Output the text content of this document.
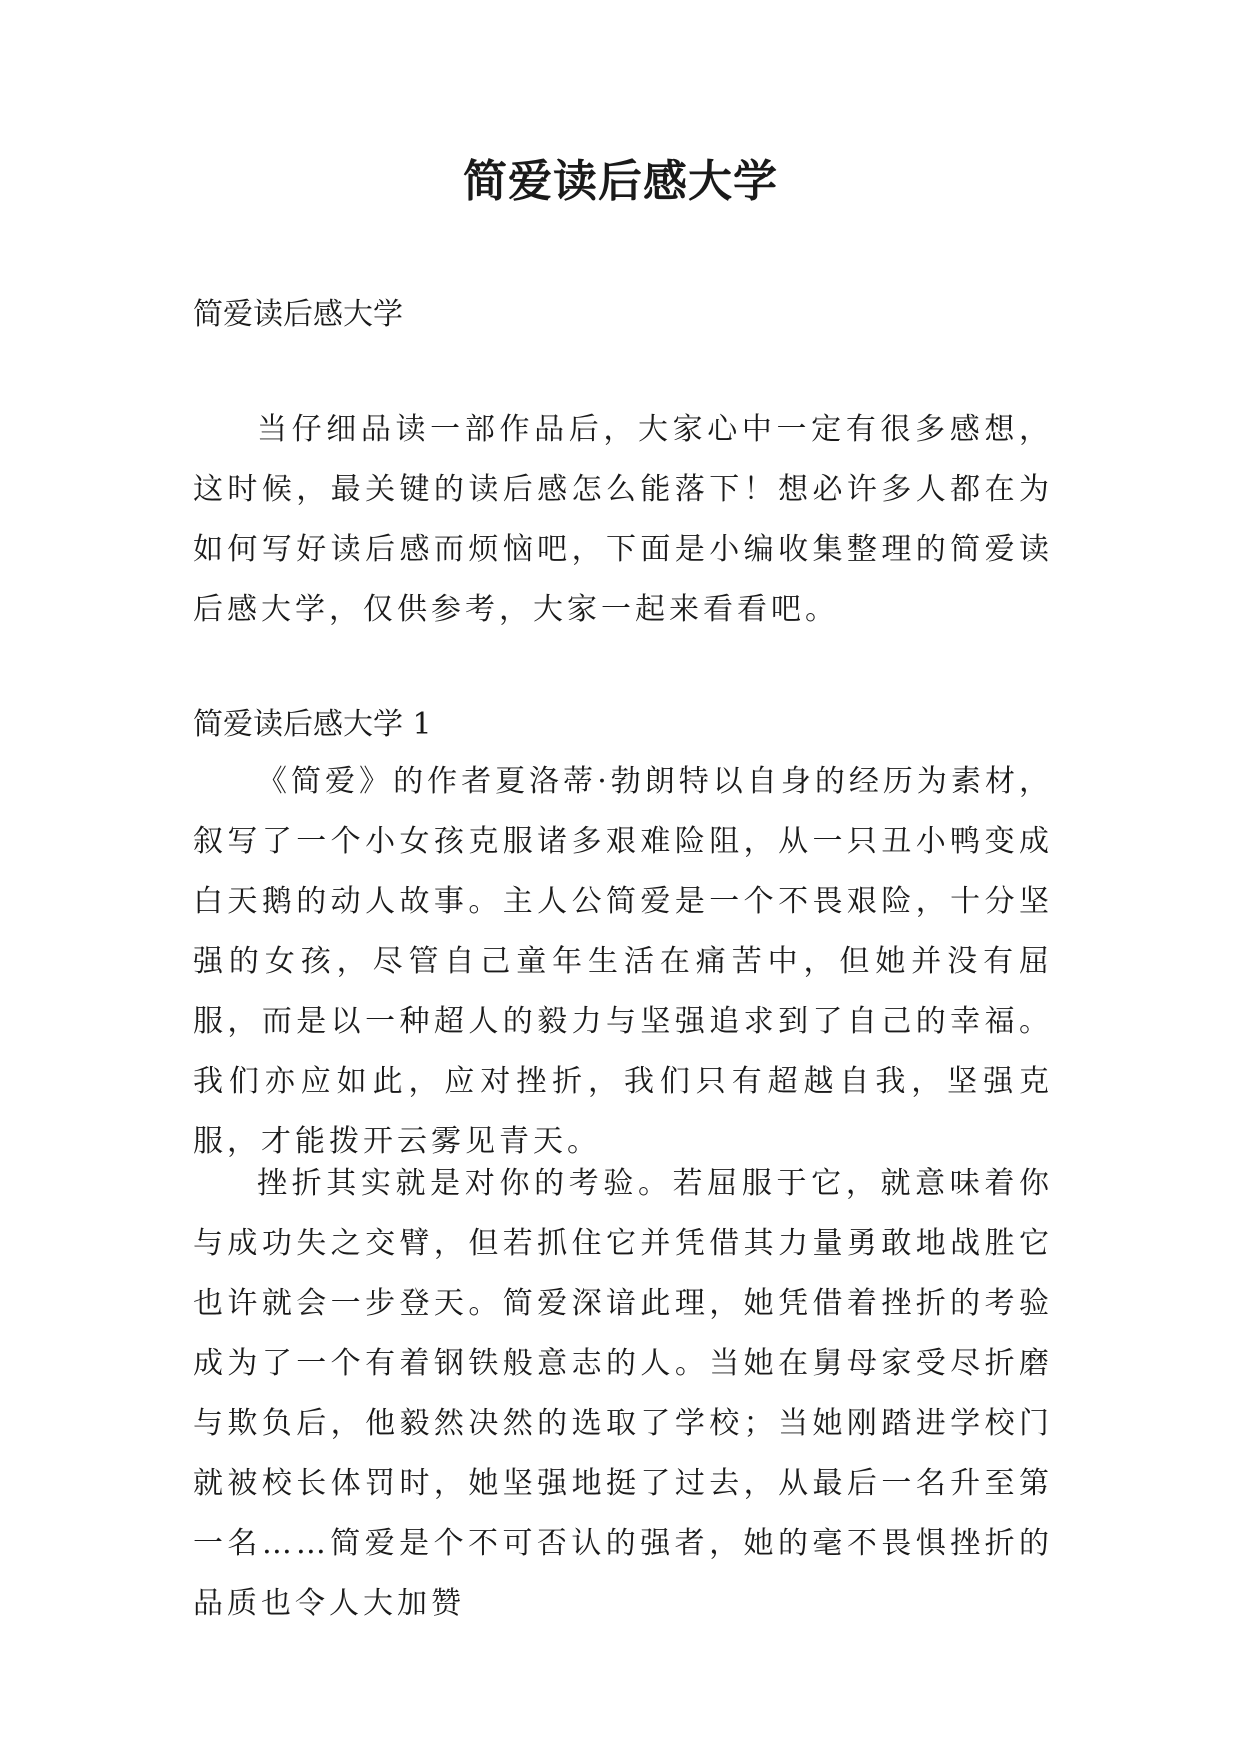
简爱读后感大学

简爱读后感大学

当仔细品读一部作品后，大家心中一定有很多感想，这时候，最关键的读后感怎么能落下！想必许多人都在为如何写好读后感而烦恼吧，下面是小编收集整理的简爱读后感大学，仅供参考，大家一起来看看吧。

简爱读后感大学 1

《简爱》的作者夏洛蒂·勃朗特以自身的经历为素材，叙写了一个小女孩克服诸多艰难险阻，从一只丑小鸭变成白天鹅的动人故事。主人公简爱是一个不畏艰险，十分坚强的女孩，尽管自己童年生活在痛苦中，但她并没有屈服，而是以一种超人的毅力与坚强追求到了自己的幸福。我们亦应如此，应对挫折，我们只有超越自我，坚强克服，才能拨开云雾见青天。

挫折其实就是对你的考验。若屈服于它，就意味着你与成功失之交臂，但若抓住它并凭借其力量勇敢地战胜它也许就会一步登天。简爱深谙此理，她凭借着挫折的考验成为了一个有着钢铁般意志的人。当她在舅母家受尽折磨与欺负后，他毅然决然的选取了学校；当她刚踏进学校门就被校长体罚时，她坚强地挺了过去，从最后一名升至第一名……简爱是个不可否认的强者，她的毫不畏惧挫折的品质也令人大加赞
